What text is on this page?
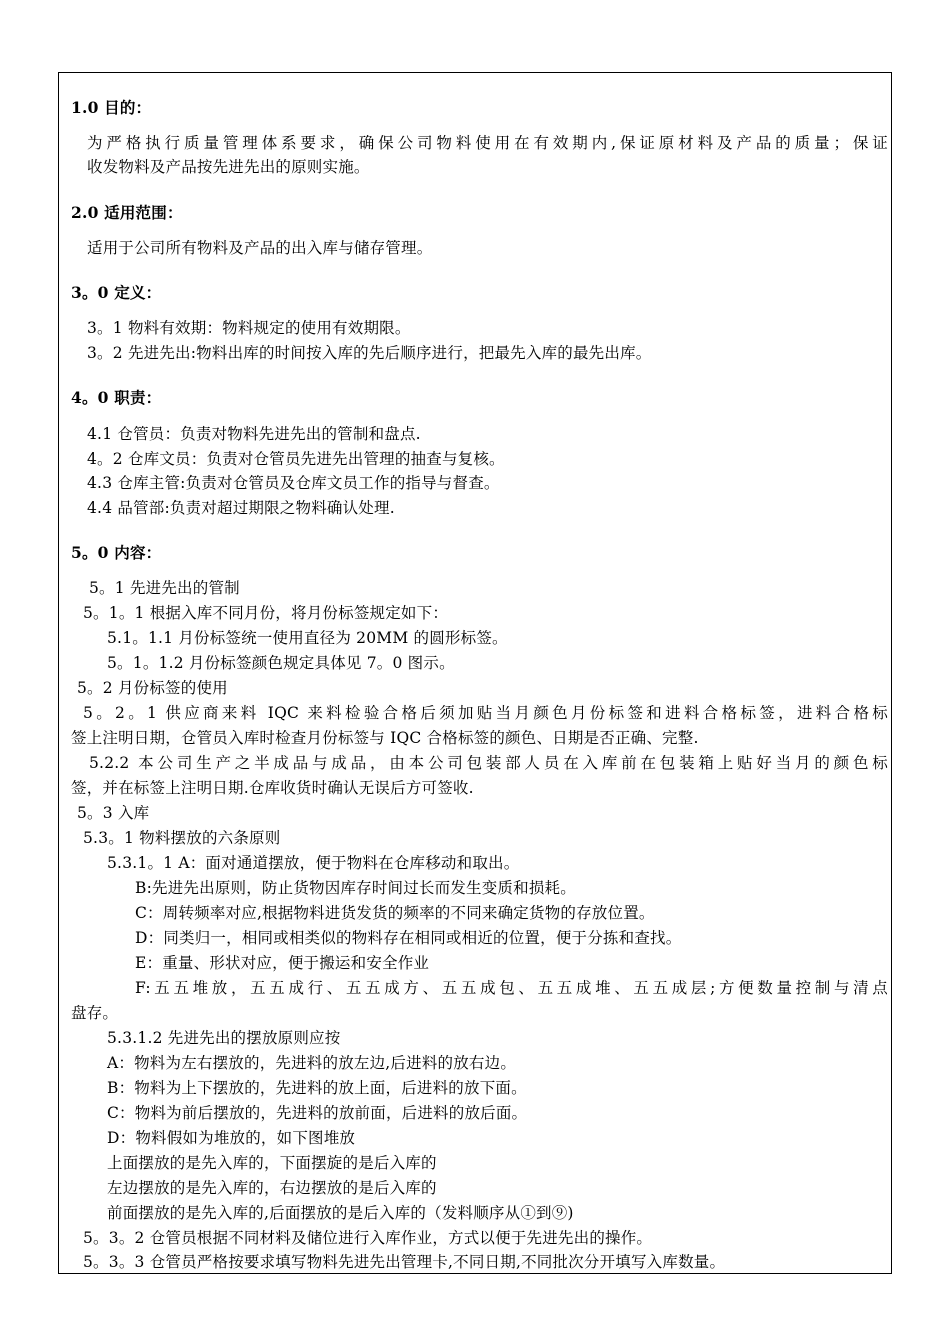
1.0 目的：
为严格执行质量管理体系要求，确保公司物料使用在有效期内,保证原材料及产品的质量；保证
收发物料及产品按先进先出的原则实施。
2.0 适用范围：
适用于公司所有物料及产品的出入库与储存管理。
3。0 定义：
3。1 物料有效期：物料规定的使用有效期限。
3。2 先进先出:物料出库的时间按入库的先后顺序进行，把最先入库的最先出库。
4。0 职责：
4.1 仓管员：负责对物料先进先出的管制和盘点.
4。2 仓库文员：负责对仓管员先进先出管理的抽查与复核。
4.3 仓库主管:负责对仓管员及仓库文员工作的指导与督查。
4.4 品管部:负责对超过期限之物料确认处理.
5。0 内容：
5。1 先进先出的管制
5。1。1 根据入库不同月份，将月份标签规定如下：
5.1。1.1 月份标签统一使用直径为 20MM 的圆形标签。
5。1。1.2 月份标签颜色规定具体见 7。0 图示。
5。2 月份标签的使用
5。2。1 供应商来料 IQC 来料检验合格后须加贴当月颜色月份标签和进料合格标签，进料合格标
签上注明日期，仓管员入库时检查月份标签与 IQC 合格标签的颜色、日期是否正确、完整.
5.2.2 本公司生产之半成品与成品，由本公司包装部人员在入库前在包装箱上贴好当月的颜色标
签，并在标签上注明日期.仓库收货时确认无误后方可签收.
5。3 入库
5.3。1 物料摆放的六条原则
5.3.1。1 A：面对通道摆放，便于物料在仓库移动和取出。
B:先进先出原则，防止货物因库存时间过长而发生变质和损耗。
C：周转频率对应,根据物料进货发货的频率的不同来确定货物的存放位置。
D：同类归一，相同或相类似的物料存在相同或相近的位置，便于分拣和查找。
E：重量、形状对应，便于搬运和安全作业
F:五五堆放，五五成行、五五成方、五五成包、五五成堆、五五成层;方便数量控制与清点
盘存。
5.3.1.2 先进先出的摆放原则应按
A：物料为左右摆放的，先进料的放左边,后进料的放右边。
B：物料为上下摆放的，先进料的放上面，后进料的放下面。
C：物料为前后摆放的，先进料的放前面，后进料的放后面。
D：物料假如为堆放的，如下图堆放
上面摆放的是先入库的，下面摆旋的是后入库的
左边摆放的是先入库的，右边摆放的是后入库的
前面摆放的是先入库的,后面摆放的是后入库的（发料顺序从①到⑨)
5。3。2 仓管员根据不同材料及储位进行入库作业，方式以便于先进先出的操作。
5。3。3 仓管员严格按要求填写物料先进先出管理卡,不同日期,不同批次分开填写入库数量。
